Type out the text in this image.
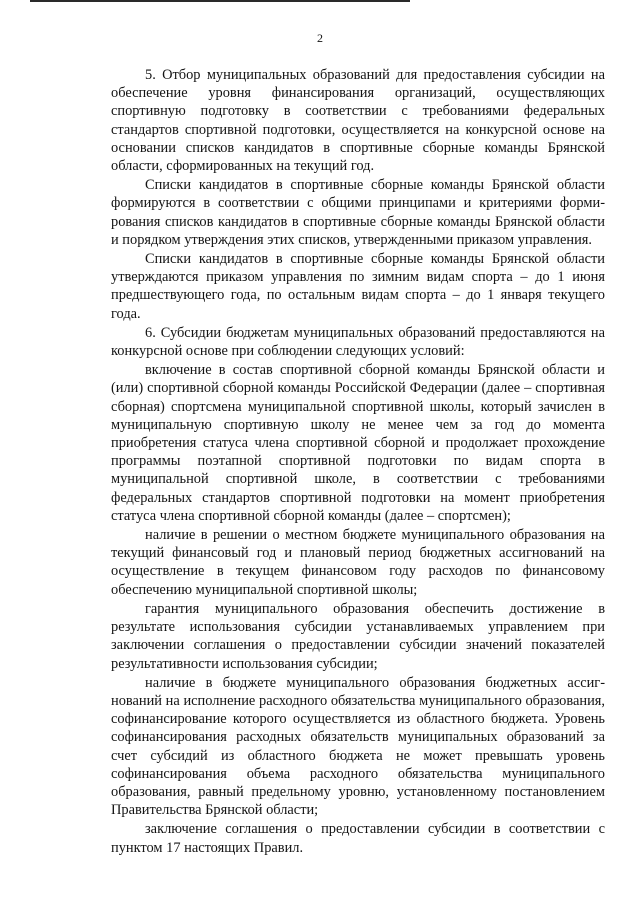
2

5. Отбор муниципальных образований для предоставления субсидии на обеспечение уровня финансирования организаций, осуществляющих спортивную подготовку в соответствии с требованиями федеральных стандартов спортивной подготовки, осуществляется на конкурсной основе на основании списков кандидатов в спортивные сборные команды Брянской области, сформированных на текущий год.

Списки кандидатов в спортивные сборные команды Брянской области формируются в соответствии с общими принципами и критериями формирования списков кандидатов в спортивные сборные команды Брянской области и порядком утверждения этих списков, утвержденными приказом управления.

Списки кандидатов в спортивные сборные команды Брянской области утверждаются приказом управления по зимним видам спорта – до 1 июня предшествующего года, по остальным видам спорта – до 1 января текущего года.

6. Субсидии бюджетам муниципальных образований предоставляются на конкурсной основе при соблюдении следующих условий:

включение в состав спортивной сборной команды Брянской области и (или) спортивной сборной команды Российской Федерации (далее – спортивная сборная) спортсмена муниципальной спортивной школы, который зачислен в муниципальную спортивную школу не менее чем за год до момента приобретения статуса члена спортивной сборной и продолжает прохождение программы поэтапной спортивной подготовки по видам спорта в муниципальной спортивной школе, в соответствии с требованиями федеральных стандартов спортивной подготовки на момент приобретения статуса члена спортивной сборной команды (далее – спортсмен);

наличие в решении о местном бюджете муниципального образования на текущий финансовый год и плановый период бюджетных ассигнований на осуществление в текущем финансовом году расходов по финансовому обеспечению муниципальной спортивной школы;

гарантия муниципального образования обеспечить достижение в результате использования субсидии устанавливаемых управлением при заключении соглашения о предоставлении субсидии значений показателей результативности использования субсидии;

наличие в бюджете муниципального образования бюджетных ассигнований на исполнение расходного обязательства муниципального образования, софинансирование которого осуществляется из областного бюджета. Уровень софинансирования расходных обязательств муниципальных образований за счет субсидий из областного бюджета не может превышать уровень софинансирования объема расходного обязательства муниципального образования, равный предельному уровню, установленному постановлением Правительства Брянской области;

заключение соглашения о предоставлении субсидии в соответствии с пунктом 17 настоящих Правил.
